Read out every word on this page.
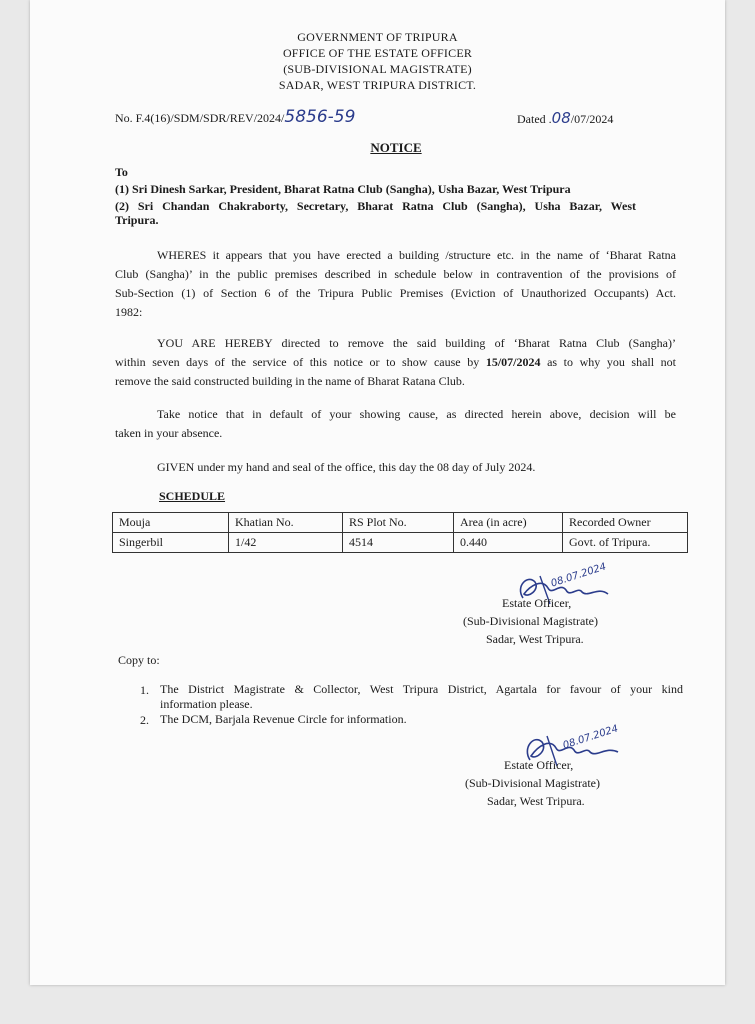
GOVERNMENT OF TRIPURA
OFFICE OF THE ESTATE OFFICER
(SUB-DIVISIONAL MAGISTRATE)
SADAR, WEST TRIPURA DISTRICT.
No. F.4(16)/SDM/SDR/REV/2024/5856-59	Dated .08/07/2024
NOTICE
To
(1) Sri Dinesh Sarkar, President, Bharat Ratna Club (Sangha), Usha Bazar, West Tripura
(2) Sri Chandan Chakraborty, Secretary, Bharat Ratna Club (Sangha), Usha Bazar, West
Tripura.
WHERES it appears that you have erected a building /structure etc. in the name of ‘Bharat Ratna
Club (Sangha)’ in the public premises described in schedule below in contravention of the provisions of
Sub-Section (1) of Section 6 of the Tripura Public Premises (Eviction of Unauthorized Occupants) Act.
1982:
YOU ARE HEREBY directed to remove the said building of ‘Bharat Ratna Club (Sangha)’
within seven days of the service of this notice or to show cause by 15/07/2024 as to why you shall not
remove the said constructed building in the name of Bharat Ratana Club.
Take notice that in default of your showing cause, as directed herein above, decision will be
taken in your absence.
GIVEN under my hand and seal of the office, this day the 08 day of July 2024.
SCHEDULE
Mouja	Khatian No.	RS Plot No.	Area (in acre)	Recorded Owner
Singerbil	1/42	4514	0.440	Govt. of Tripura.
08.07.2024
Estate Officer,
(Sub-Divisional Magistrate)
Sadar, West Tripura.
Copy to:
1. The District Magistrate & Collector, West Tripura District, Agartala for favour of your kind
information please.
2. The DCM, Barjala Revenue Circle for information.
08.07.2024
Estate Officer,
(Sub-Divisional Magistrate)
Sadar, West Tripura.
